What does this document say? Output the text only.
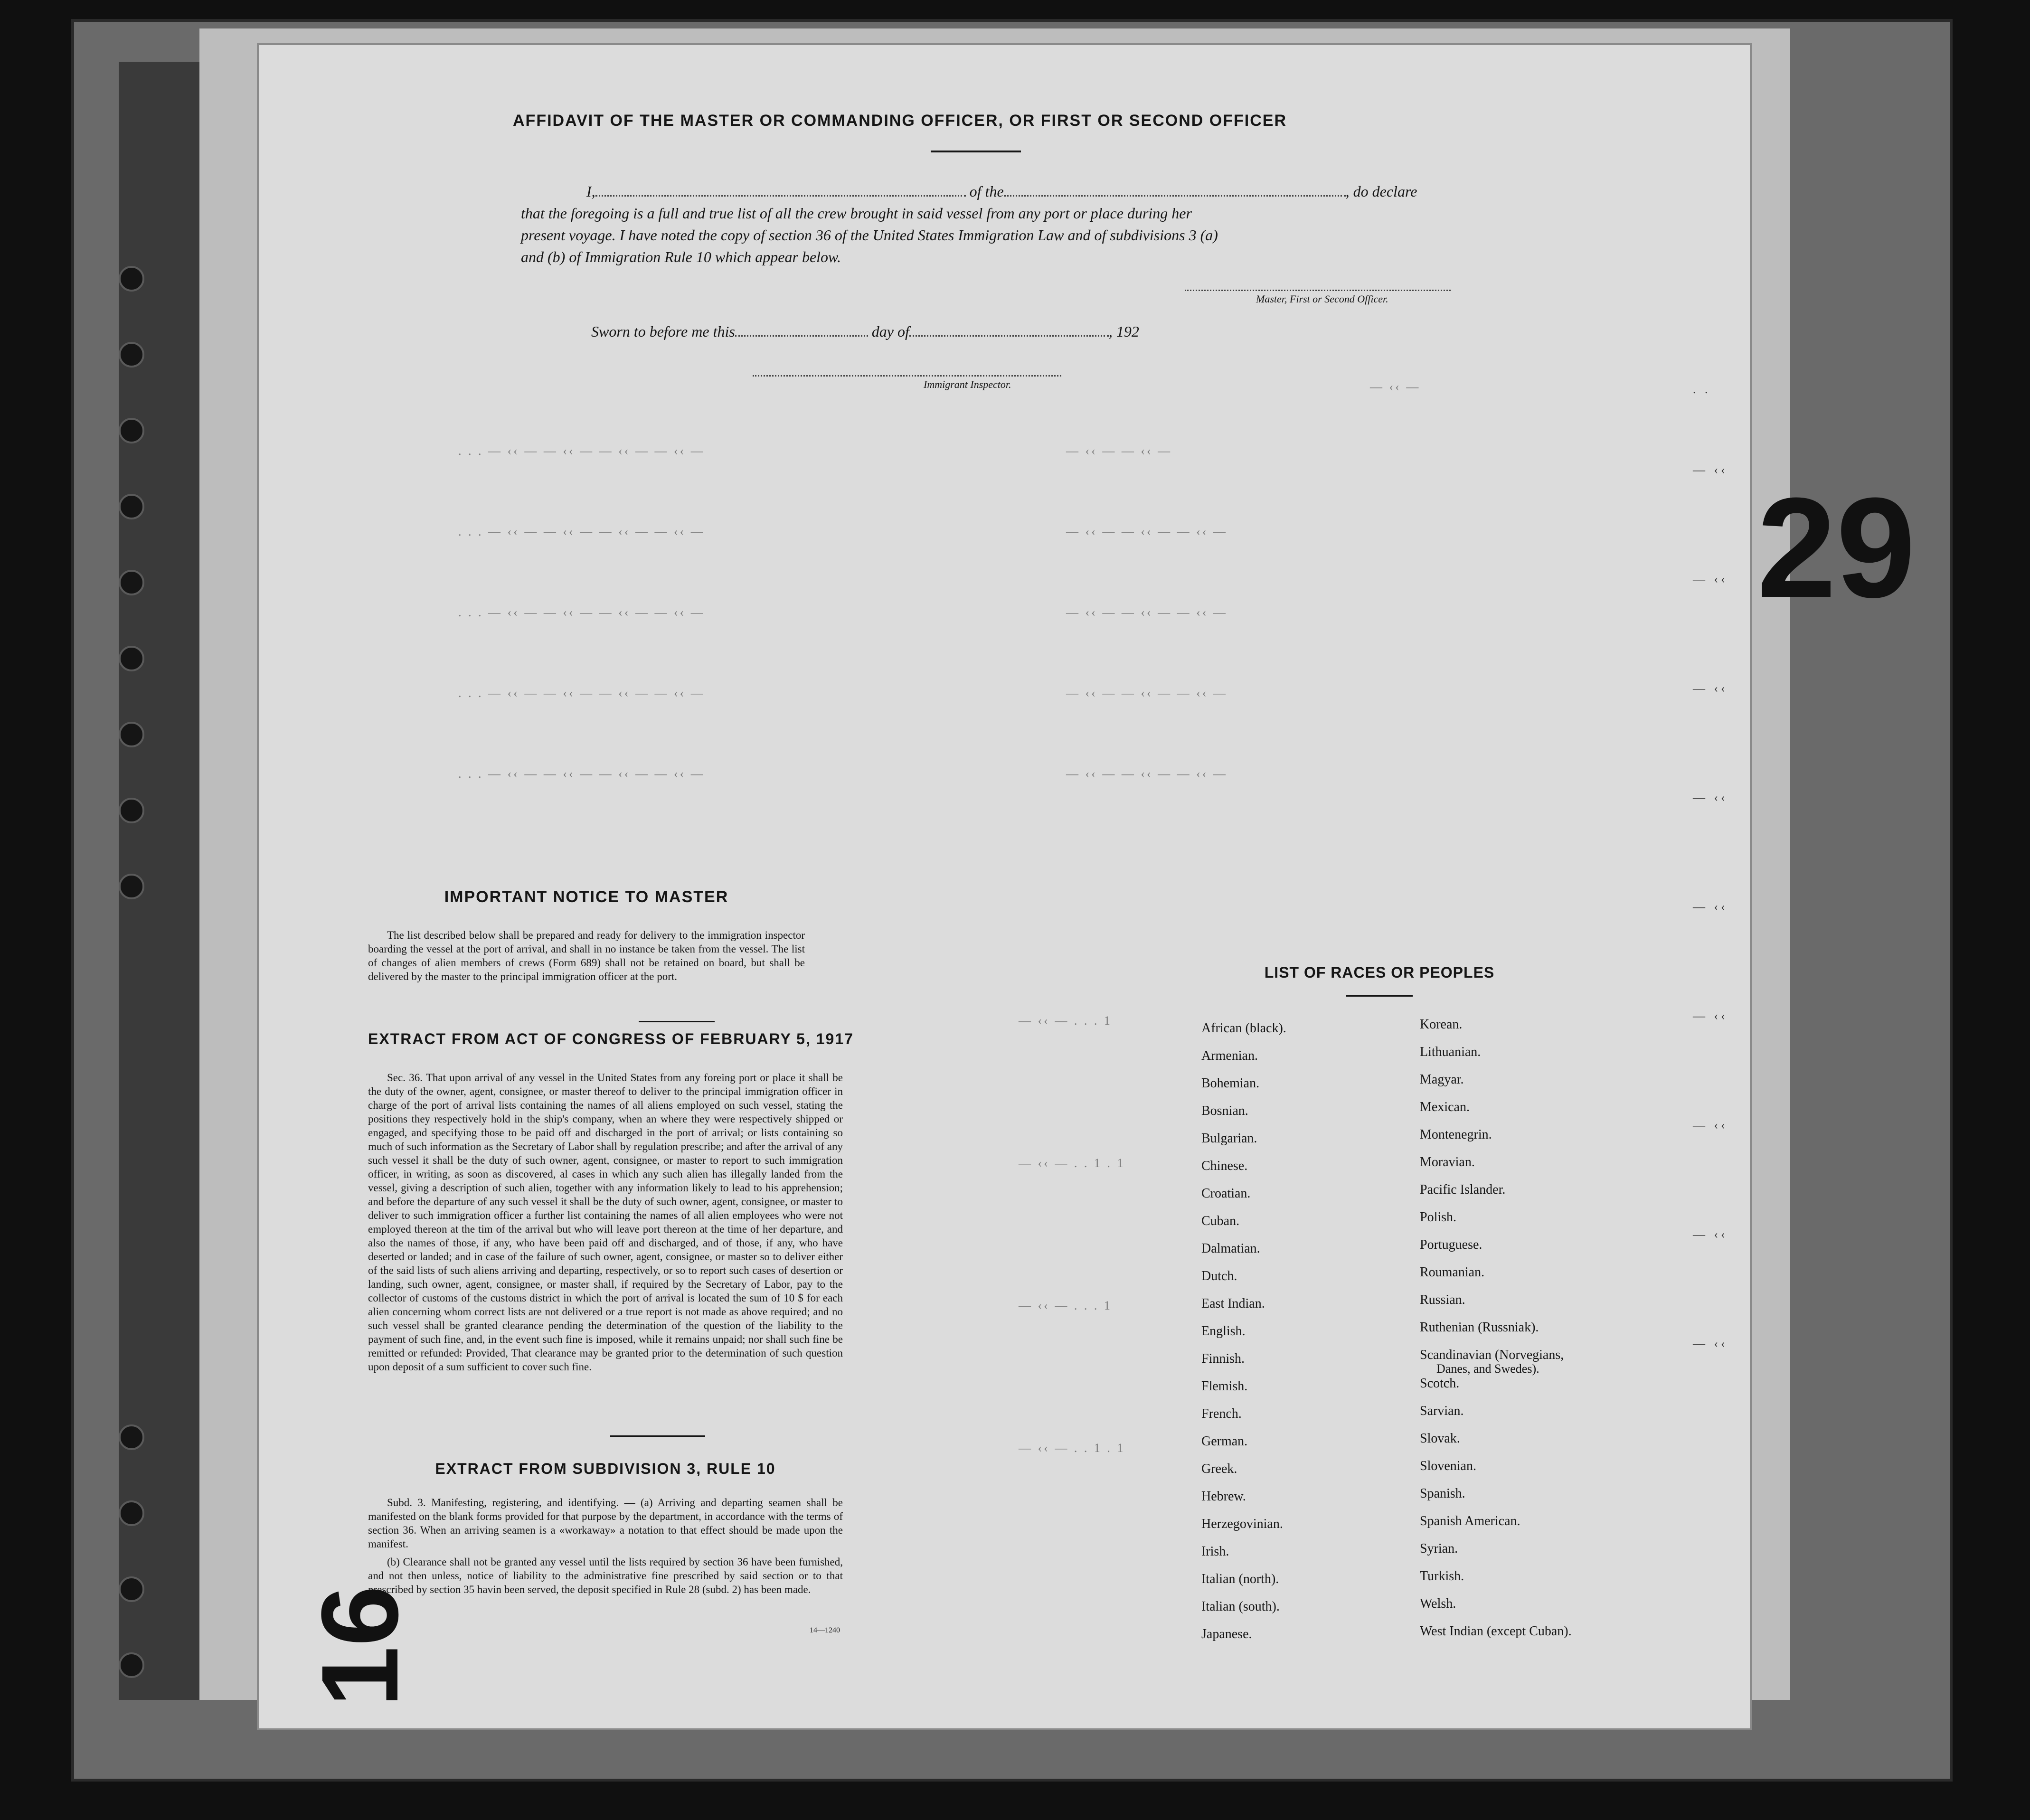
29
— ‹‹ —
. . . — ‹‹ — — ‹‹ — — ‹‹ — — ‹‹ —	— ‹‹ — — ‹‹ —
. . . — ‹‹ — — ‹‹ — — ‹‹ — — ‹‹ —	— ‹‹ — — ‹‹ — — ‹‹ —
. . . — ‹‹ — — ‹‹ — — ‹‹ — — ‹‹ —	— ‹‹ — — ‹‹ — — ‹‹ —
. . . — ‹‹ — — ‹‹ — — ‹‹ — — ‹‹ —	— ‹‹ — — ‹‹ — — ‹‹ —
. . . — ‹‹ — — ‹‹ — — ‹‹ — — ‹‹ —	— ‹‹ — — ‹‹ — — ‹‹ —
— ‹‹ — . . . 1
— ‹‹ — . . 1 . 1
— ‹‹ — . . . 1
— ‹‹ — . . 1 . 1
. .
— ‹‹
— ‹‹
— ‹‹
— ‹‹
— ‹‹
— ‹‹
— ‹‹
— ‹‹
— ‹‹
AFFIDAVIT OF THE MASTER OR COMMANDING OFFICER, OR FIRST OR SECOND OFFICER
I,	of the	, do declare
that the foregoing is a full and true list of all the crew brought in said vessel from any port or place during her
present voyage. I have noted the copy of section 36 of the United States Immigration Law and of subdivisions 3 (a)
and (b) of Immigration Rule 10 which appear below.
Master, First or Second Officer.
Sworn to before me this	day of	, 192
Immigrant Inspector.
IMPORTANT NOTICE TO MASTER
The list described below shall be prepared and ready for delivery to the immigration inspector boarding the vessel at the port of arrival, and shall in no instance be taken from the vessel. The list of changes of alien members of crews (Form 689) shall not be retained on board, but shall be delivered by the master to the principal immigration officer at the port.
EXTRACT FROM ACT OF CONGRESS OF FEBRUARY 5, 1917
Sec. 36. That upon arrival of any vessel in the United States from any foreing port or place it shall be the duty of the owner, agent, consignee, or master thereof to deliver to the principal immigration officer in charge of the port of arrival lists containing the names of all aliens employed on such vessel, stating the positions they respectively hold in the ship's company, when an where they were respectively shipped or engaged, and specifying those to be paid off and discharged in the port of arrival; or lists containing so much of such information as the Secretary of Labor shall by regulation prescribe; and after the arrival of any such vessel it shall be the duty of such owner, agent, consignee, or master to report to such immigration officer, in writing, as soon as discovered, al cases in which any such alien has illegally landed from the vessel, giving a description of such alien, together with any information likely to lead to his apprehension; and before the departure of any such vessel it shall be the duty of such owner, agent, consignee, or master to deliver to such immigration officer a further list containing the names of all alien employees who were not employed thereon at the tim of the arrival but who will leave port thereon at the time of her departure, and also the names of those, if any, who have been paid off and discharged, and of those, if any, who have deserted or landed; and in case of the failure of such owner, agent, consignee, or master so to deliver either of the said lists of such aliens arriving and departing, respectively, or so to report such cases of desertion or landing, such owner, agent, consignee, or master shall, if required by the Secretary of Labor, pay to the collector of customs of the customs district in which the port of arrival is located the sum of 10 $ for each alien concerning whom correct lists are not delivered or a true report is not made as above required; and no such vessel shall be granted clearance pending the determination of the question of the liability to the payment of such fine, and, in the event such fine is imposed, while it remains unpaid; nor shall such fine be remitted or refunded: Provided, That clearance may be granted prior to the determination of such question upon deposit of a sum sufficient to cover such fine.
EXTRACT FROM SUBDIVISION 3, RULE 10
Subd. 3. Manifesting, registering, and identifying. — (a) Arriving and departing seamen shall be manifested on the blank forms provided for that purpose by the department, in accordance with the terms of section 36. When an arriving seamen is a «workaway» a notation to that effect should be made upon the manifest.
(b) Clearance shall not be granted any vessel until the lists required by section 36 have been furnished, and not then unless, notice of liability to the administrative fine prescribed by said section or to that prescribed by section 35 havin been served, the deposit specified in Rule 28 (subd. 2) has been made.
14—1240
LIST OF RACES OR PEOPLES
African (black).
Armenian.
Bohemian.
Bosnian.
Bulgarian.
Chinese.
Croatian.
Cuban.
Dalmatian.
Dutch.
East Indian.
English.
Finnish.
Flemish.
French.
German.
Greek.
Hebrew.
Herzegovinian.
Irish.
Italian (north).
Italian (south).
Japanese.
Korean.
Lithuanian.
Magyar.
Mexican.
Montenegrin.
Moravian.
Pacific Islander.
Polish.
Portuguese.
Roumanian.
Russian.
Ruthenian (Russniak).
Scandinavian (Norvegians,
Danes, and Swedes).
Scotch.
Sarvian.
Slovak.
Slovenian.
Spanish.
Spanish American.
Syrian.
Turkish.
Welsh.
West Indian (except Cuban).
16
